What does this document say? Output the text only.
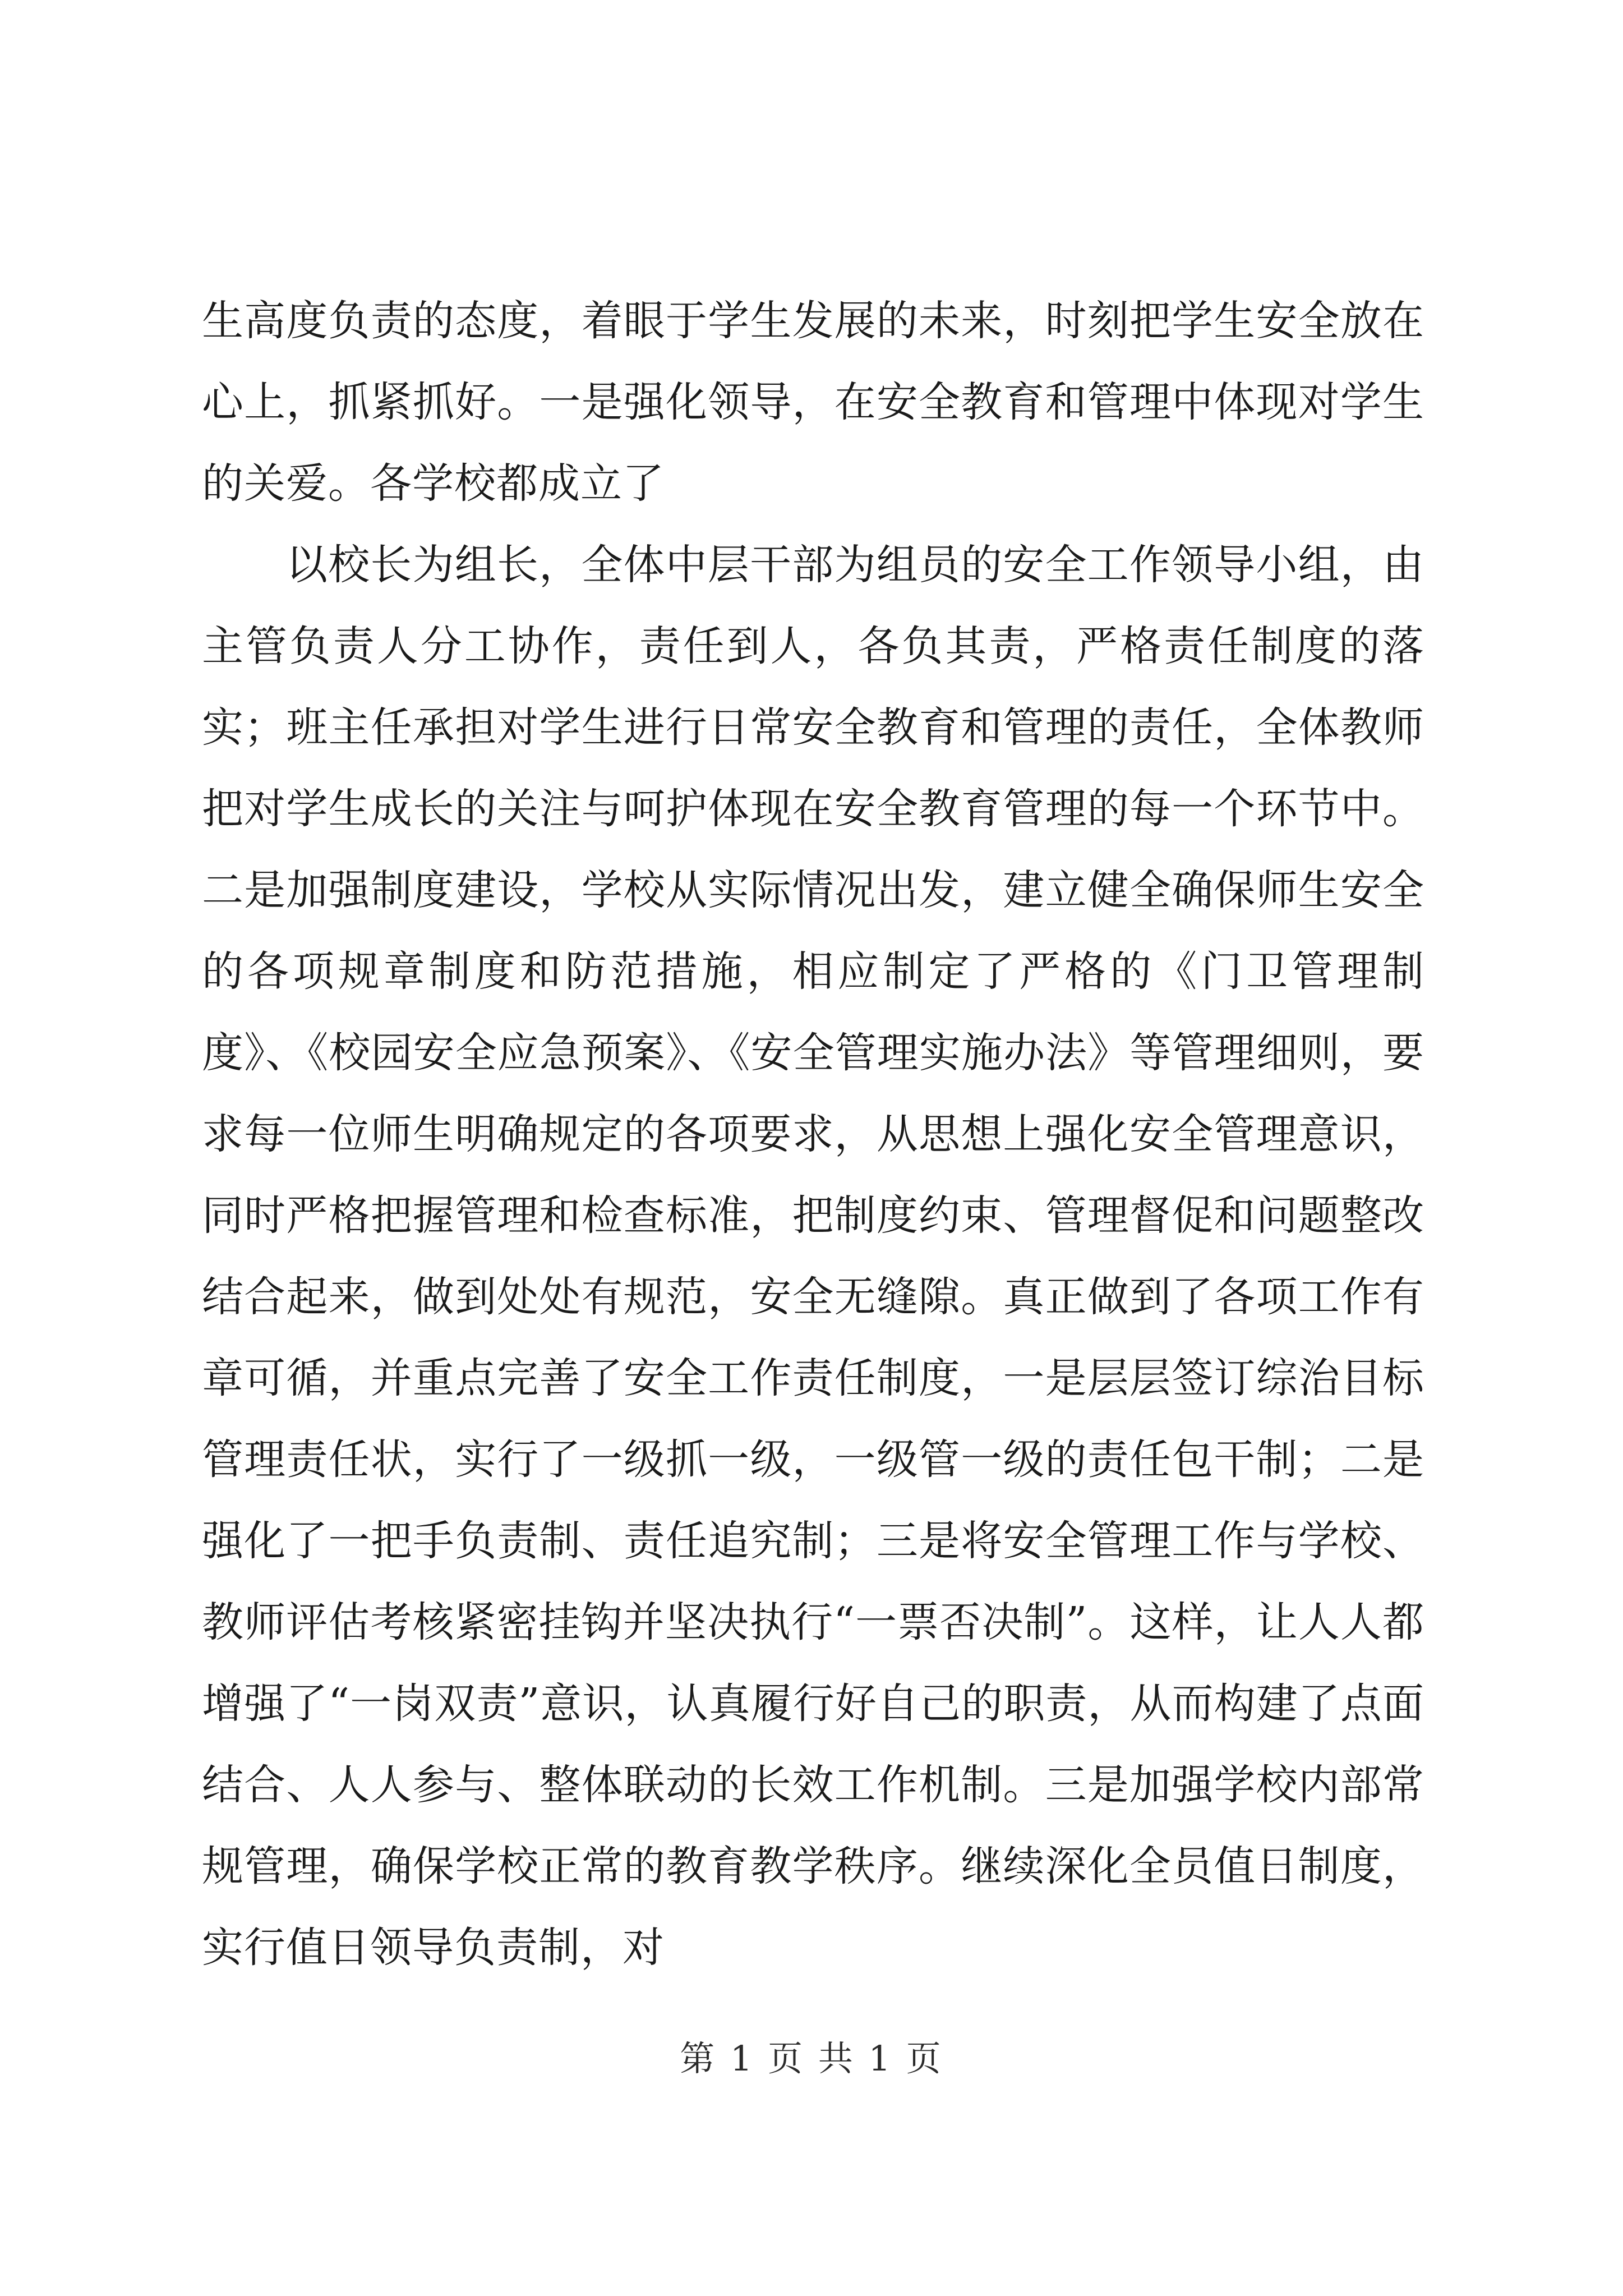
生高度负责的态度，着眼于学生发展的未来，时刻把学生安全放在心上，抓紧抓好。一是强化领导，在安全教育和管理中体现对学生的关爱。各学校都成立了

以校长为组长，全体中层干部为组员的安全工作领导小组，由主管负责人分工协作，责任到人，各负其责，严格责任制度的落实；班主任承担对学生进行日常安全教育和管理的责任，全体教师把对学生成长的关注与呵护体现在安全教育管理的每一个环节中。二是加强制度建设，学校从实际情况出发，建立健全确保师生安全的各项规章制度和防范措施，相应制定了严格的《门卫管理制度》、《校园安全应急预案》、《安全管理实施办法》等管理细则，要求每一位师生明确规定的各项要求，从思想上强化安全管理意识，同时严格把握管理和检查标准，把制度约束、管理督促和问题整改结合起来，做到处处有规范，安全无缝隙。真正做到了各项工作有章可循，并重点完善了安全工作责任制度，一是层层签订综治目标管理责任状，实行了一级抓一级，一级管一级的责任包干制；二是强化了一把手负责制、责任追究制；三是将安全管理工作与学校、教师评估考核紧密挂钩并坚决执行“一票否决制”。这样，让人人都增强了“一岗双责”意识，认真履行好自己的职责，从而构建了点面结合、人人参与、整体联动的长效工作机制。三是加强学校内部常规管理，确保学校正常的教育教学秩序。继续深化全员值日制度，实行值日领导负责制，对

第 1 页 共 1 页
